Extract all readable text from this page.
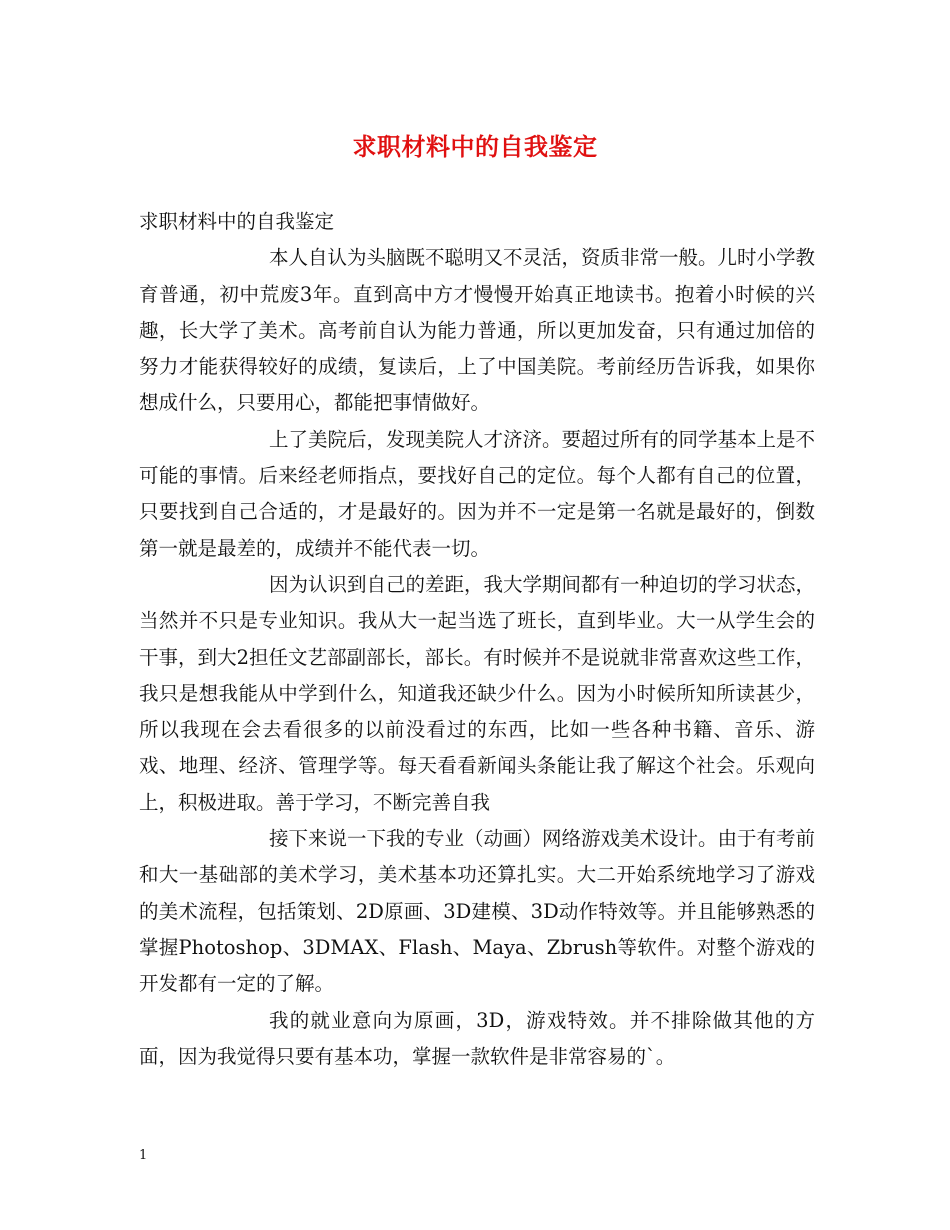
求职材料中的自我鉴定

求职材料中的自我鉴定

本人自认为头脑既不聪明又不灵活，资质非常一般。儿时小学教育普通，初中荒废3年。直到高中方才慢慢开始真正地读书。抱着小时候的兴趣，长大学了美术。高考前自认为能力普通，所以更加发奋，只有通过加倍的努力才能获得较好的成绩，复读后，上了中国美院。考前经历告诉我，如果你想成什么，只要用心，都能把事情做好。

上了美院后，发现美院人才济济。要超过所有的同学基本上是不可能的事情。后来经老师指点，要找好自己的定位。每个人都有自己的位置，只要找到自己合适的，才是最好的。因为并不一定是第一名就是最好的，倒数第一就是最差的，成绩并不能代表一切。

因为认识到自己的差距，我大学期间都有一种迫切的学习状态，当然并不只是专业知识。我从大一起当选了班长，直到毕业。大一从学生会的干事，到大2担任文艺部副部长，部长。有时候并不是说就非常喜欢这些工作，我只是想我能从中学到什么，知道我还缺少什么。因为小时候所知所读甚少，所以我现在会去看很多的以前没看过的东西，比如一些各种书籍、音乐、游戏、地理、经济、管理学等。每天看看新闻头条能让我了解这个社会。乐观向上，积极进取。善于学习，不断完善自我

接下来说一下我的专业（动画）网络游戏美术设计。由于有考前和大一基础部的美术学习，美术基本功还算扎实。大二开始系统地学习了游戏的美术流程，包括策划、2D原画、3D建模、3D动作特效等。并且能够熟悉的掌握Photoshop、3DMAX、Flash、Maya、Zbrush等软件。对整个游戏的开发都有一定的了解。

我的就业意向为原画，3D，游戏特效。并不排除做其他的方面，因为我觉得只要有基本功，掌握一款软件是非常容易的`。

1
